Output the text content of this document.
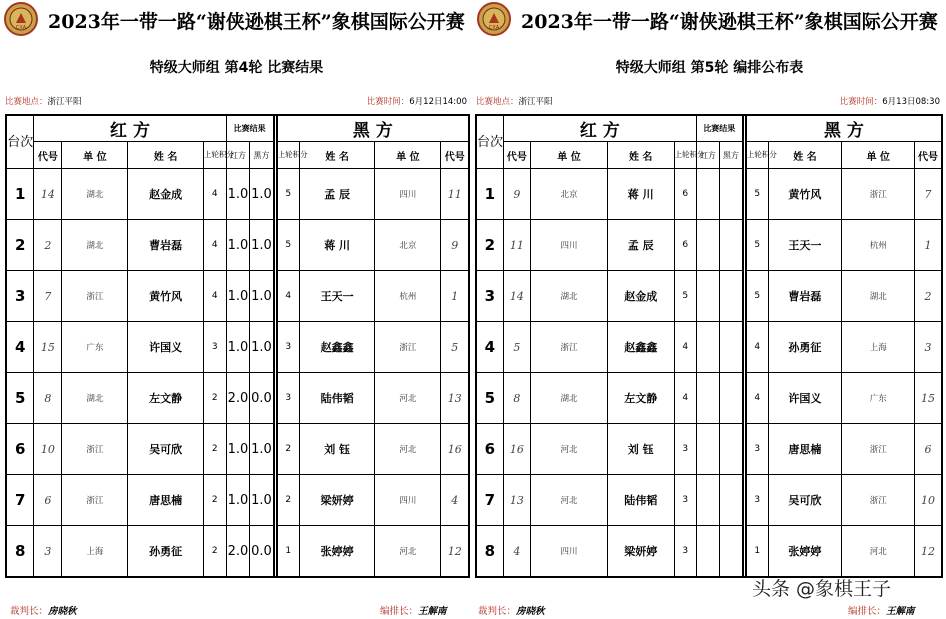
CXA 2023年一带一路“谢侠逊棋王杯”象棋国际公开赛
特级大师组 第4轮 比赛结果
比赛地点：浙江平阳	比赛时间：6月12日14:00
台次	红 方				比赛结果			黑 方			
	代号	单 位	姓 名	上轮积分	红方	黑方		上轮积分	姓 名	单 位	代号
1	14	湖北	赵金成	4	1.0	1.0		5	孟 辰	四川	11
2	2	湖北	曹岩磊	4	1.0	1.0		5	蒋 川	北京	9
3	7	浙江	黄竹风	4	1.0	1.0		4	王天一	杭州	1
4	15	广东	许国义	3	1.0	1.0		3	赵鑫鑫	浙江	5
5	8	湖北	左文静	2	2.0	0.0		3	陆伟韬	河北	13
6	10	浙江	吴可欣	2	1.0	1.0		2	刘 钰	河北	16
7	6	浙江	唐思楠	2	1.0	1.0		2	梁妍婷	四川	4
8	3	上海	孙勇征	2	2.0	0.0		1	张婷婷	河北	12
裁判长：房晓秋	编排长：王解南
CXA 2023年一带一路“谢侠逊棋王杯”象棋国际公开赛
特级大师组 第5轮 编排公布表
比赛地点：浙江平阳	比赛时间：6月13日08:30
台次	红 方				比赛结果			黑 方			
	代号	单 位	姓 名	上轮积分	红方	黑方		上轮积分	姓 名	单 位	代号
1	9	北京	蒋 川	6				5	黄竹风	浙江	7
2	11	四川	孟 辰	6				5	王天一	杭州	1
3	14	湖北	赵金成	5				5	曹岩磊	湖北	2
4	5	浙江	赵鑫鑫	4				4	孙勇征	上海	3
5	8	湖北	左文静	4				4	许国义	广东	15
6	16	河北	刘 钰	3				3	唐思楠	浙江	6
7	13	河北	陆伟韬	3				3	吴可欣	浙江	10
8	4	四川	梁妍婷	3				1	张婷婷	河北	12
裁判长：房晓秋	编排长：王解南
头条 @象棋王子
